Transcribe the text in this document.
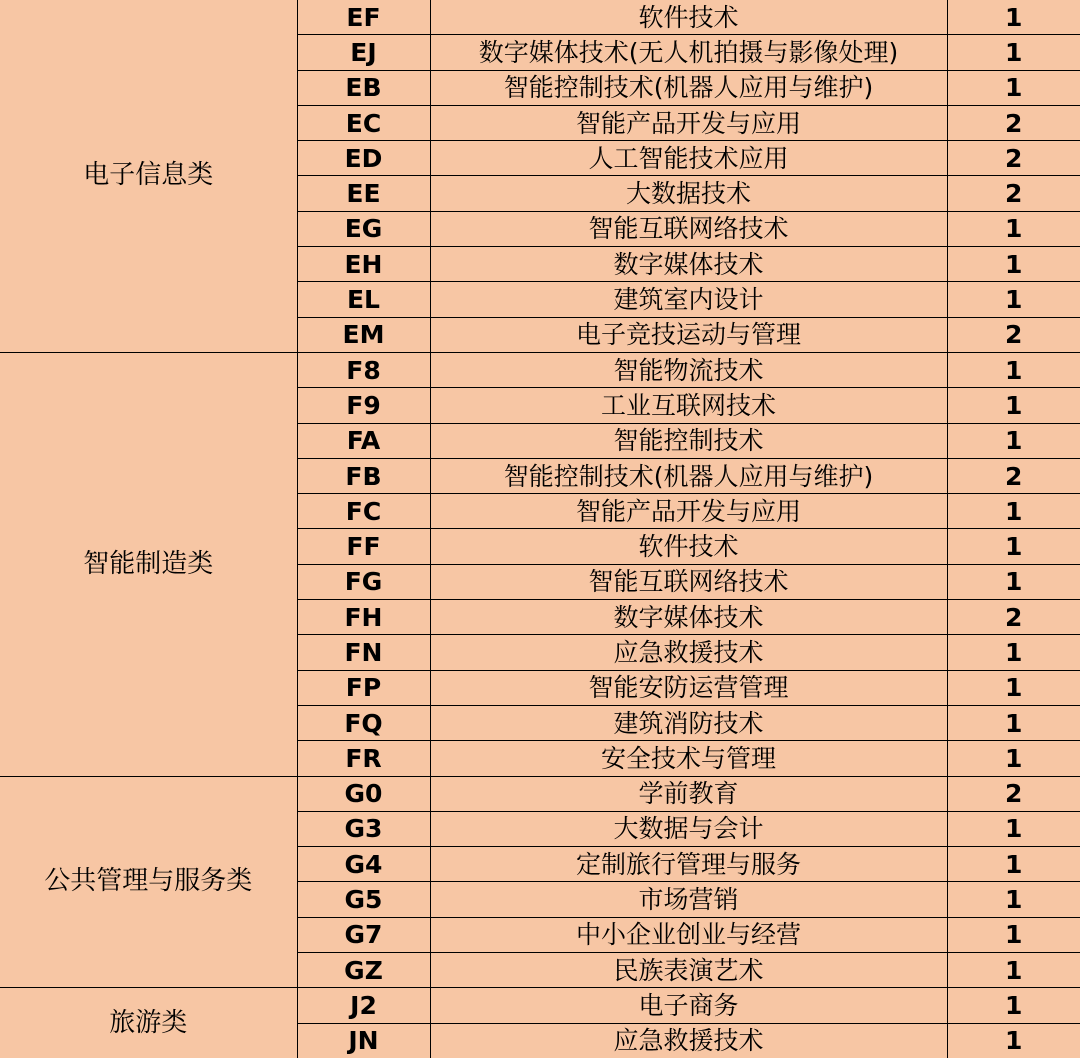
电子信息类	EF	软件技术	1
	EJ	数字媒体技术(无人机拍摄与影像处理)	1
	EB	智能控制技术(机器人应用与维护)	1
	EC	智能产品开发与应用	2
	ED	人工智能技术应用	2
	EE	大数据技术	2
	EG	智能互联网络技术	1
	EH	数字媒体技术	1
	EL	建筑室内设计	1
	EM	电子竞技运动与管理	2
智能制造类	F8	智能物流技术	1
	F9	工业互联网技术	1
	FA	智能控制技术	1
	FB	智能控制技术(机器人应用与维护)	2
	FC	智能产品开发与应用	1
	FF	软件技术	1
	FG	智能互联网络技术	1
	FH	数字媒体技术	2
	FN	应急救援技术	1
	FP	智能安防运营管理	1
	FQ	建筑消防技术	1
	FR	安全技术与管理	1
公共管理与服务类	G0	学前教育	2
	G3	大数据与会计	1
	G4	定制旅行管理与服务	1
	G5	市场营销	1
	G7	中小企业创业与经营	1
	GZ	民族表演艺术	1
旅游类	J2	电子商务	1
	JN	应急救援技术	1
